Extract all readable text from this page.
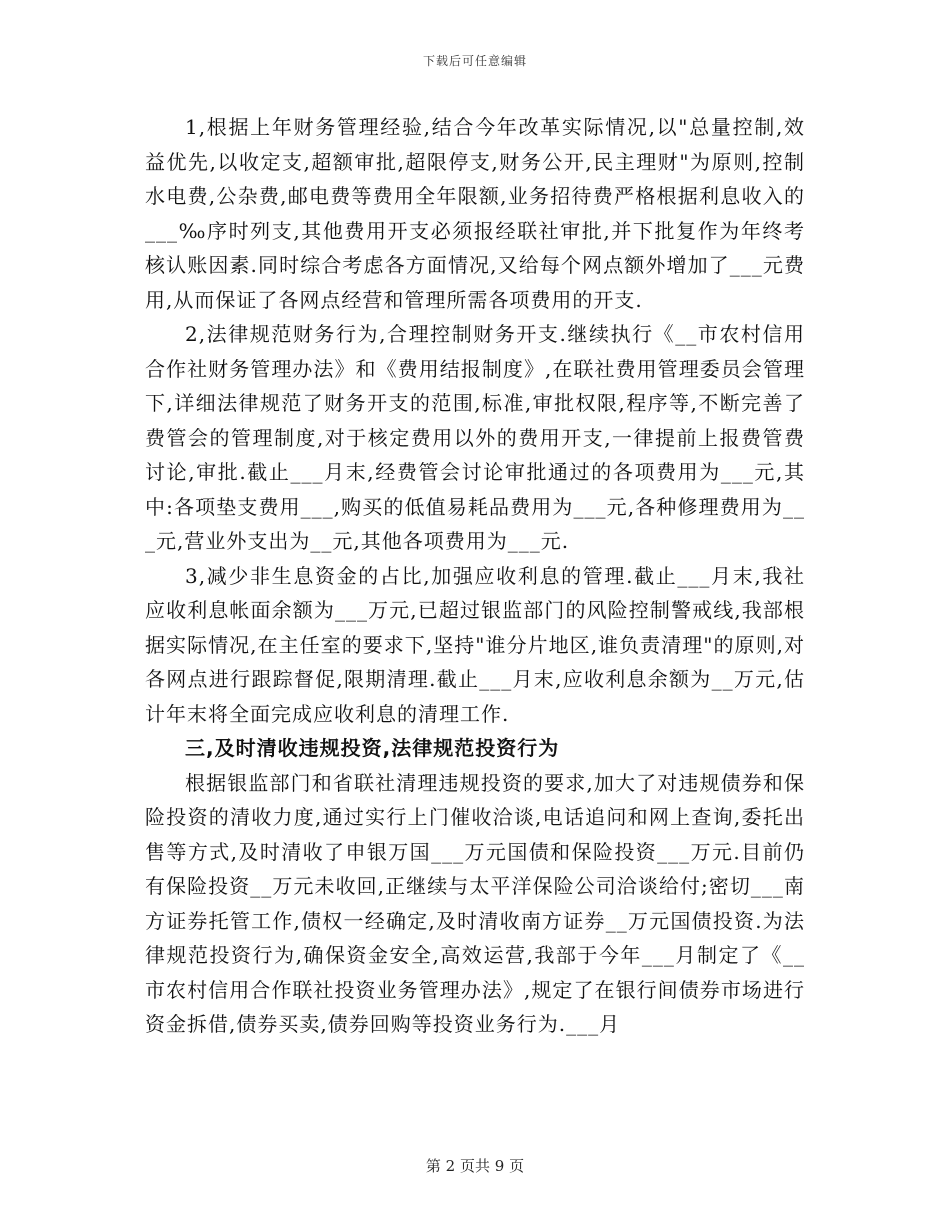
下载后可任意编辑

1,根据上年财务管理经验,结合今年改革实际情况,以"总量控制,效益优先,以收定支,超额审批,超限停支,财务公开,民主理财"为原则,控制水电费,公杂费,邮电费等费用全年限额,业务招待费严格根据利息收入的___‰序时列支,其他费用开支必须报经联社审批,并下批复作为年终考核认账因素.同时综合考虑各方面情况,又给每个网点额外增加了___元费用,从而保证了各网点经营和管理所需各项费用的开支.

2,法律规范财务行为,合理控制财务开支.继续执行《__市农村信用合作社财务管理办法》和《费用结报制度》,在联社费用管理委员会管理下,详细法律规范了财务开支的范围,标准,审批权限,程序等,不断完善了费管会的管理制度,对于核定费用以外的费用开支,一律提前上报费管费讨论,审批.截止___月末,经费管会讨论审批通过的各项费用为___元,其中:各项垫支费用___,购买的低值易耗品费用为___元,各种修理费用为___元,营业外支出为__元,其他各项费用为___元.

3,减少非生息资金的占比,加强应收利息的管理.截止___月末,我社应收利息帐面余额为___万元,已超过银监部门的风险控制警戒线,我部根据实际情况,在主任室的要求下,坚持"谁分片地区,谁负责清理"的原则,对各网点进行跟踪督促,限期清理.截止___月末,应收利息余额为__万元,估计年末将全面完成应收利息的清理工作.

三,及时清收违规投资,法律规范投资行为

根据银监部门和省联社清理违规投资的要求,加大了对违规债券和保险投资的清收力度,通过实行上门催收洽谈,电话追问和网上查询,委托出售等方式,及时清收了申银万国___万元国债和保险投资___万元.目前仍有保险投资__万元未收回,正继续与太平洋保险公司洽谈给付;密切___南方证券托管工作,债权一经确定,及时清收南方证券__万元国债投资.为法律规范投资行为,确保资金安全,高效运营,我部于今年___月制定了《__市农村信用合作联社投资业务管理办法》,规定了在银行间债券市场进行资金拆借,债券买卖,债券回购等投资业务行为.___月

第 2 页共 9 页
